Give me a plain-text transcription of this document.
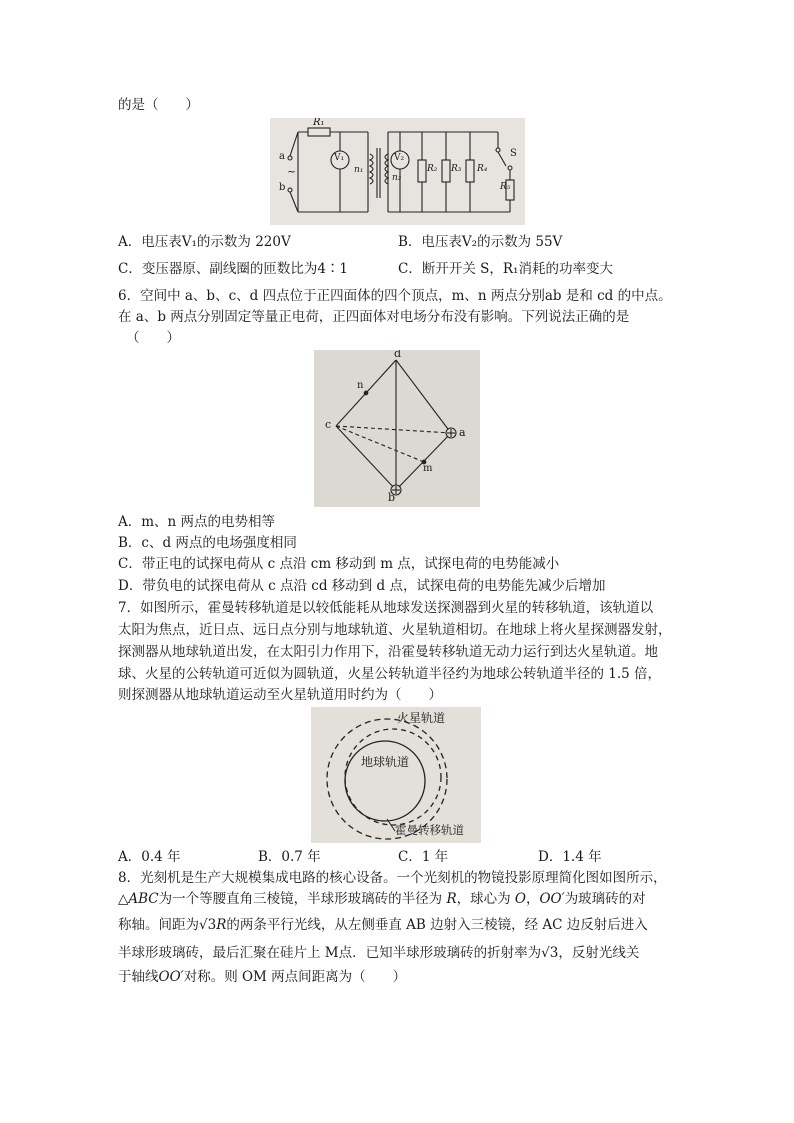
的是（　　）
R₁
V₁	V₂
n₁
n₂
R₂ R₃ R₄
R₅
S
a
b
~
A．电压表V₁的示数为 220V	B．电压表V₂的示数为 55V
C．变压器原、副线圈的匝数比为4∶1	C．断开开关 S，R₁消耗的功率变大
6．空间中 a、b、c、d 四点位于正四面体的四个顶点，m、n 两点分别ab 是和 cd 的中点。
在 a、b 两点分别固定等量正电荷，正四面体对电场分布没有影响。下列说法正确的是
（　　）
d
c
a
b
n
m
A．m、n 两点的电势相等
B．c、d 两点的电场强度相同
C．带正电的试探电荷从 c 点沿 cm 移动到 m 点，试探电荷的电势能减小
D．带负电的试探电荷从 c 点沿 cd 移动到 d 点，试探电荷的电势能先减少后增加
7．如图所示，霍曼转移轨道是以较低能耗从地球发送探测器到火星的转移轨道，该轨道以
太阳为焦点，近日点、远日点分别与地球轨道、火星轨道相切。在地球上将火星探测器发射，
探测器从地球轨道出发，在太阳引力作用下，沿霍曼转移轨道无动力运行到达火星轨道。地
球、火星的公转轨道可近似为圆轨道，火星公转轨道半径约为地球公转轨道半径的 1.5 倍，
则探测器从地球轨道运动至火星轨道用时约为（　　）
火星轨道
地球轨道
霍曼转移轨道
A．0.4 年	B．0.7 年	C．1 年	D．1.4 年
8．光刻机是生产大规模集成电路的核心设备。一个光刻机的物镜投影原理简化图如图所示，
△ABC为一个等腰直角三棱镜，半球形玻璃砖的半径为 R，球心为 O，OO′为玻璃砖的对
称轴。间距为√3R的两条平行光线，从左侧垂直 AB 边射入三棱镜，经 AC 边反射后进入
半球形玻璃砖，最后汇聚在硅片上 M点．已知半球形玻璃砖的折射率为√3，反射光线关
于轴线OO′对称。则 OM 两点间距离为（　　）
